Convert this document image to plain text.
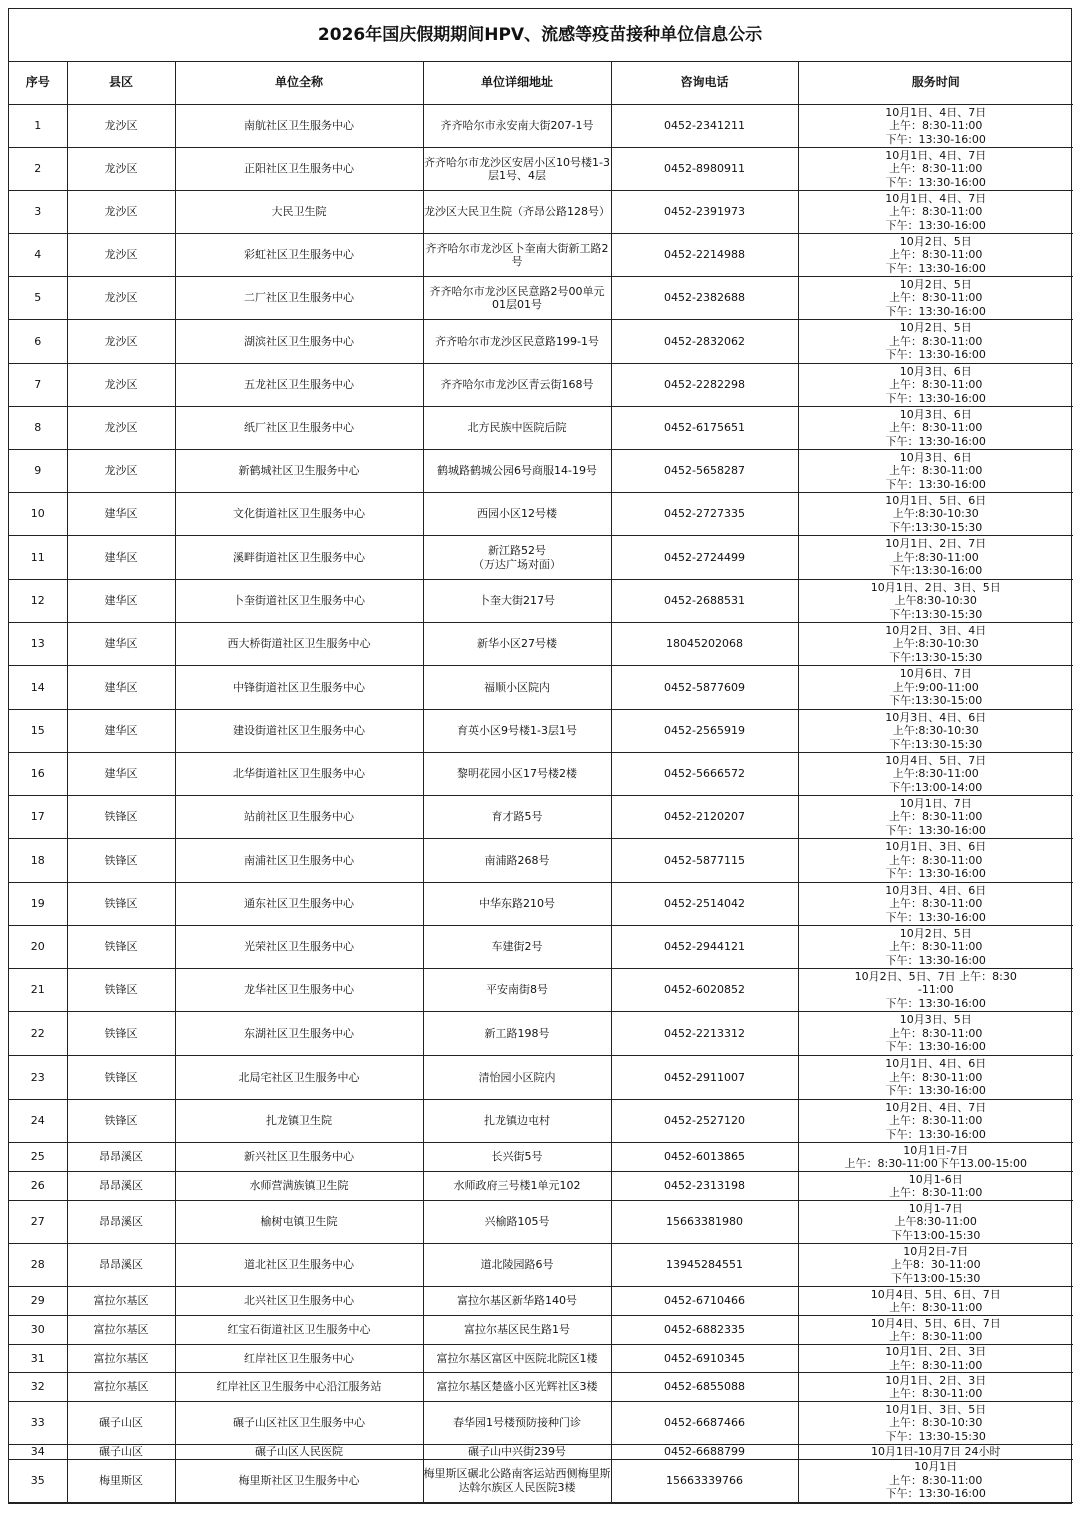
2026年国庆假期期间HPV、流感等疫苗接种单位信息公示
序号	县区	单位全称	单位详细地址	咨询电话	服务时间
1	龙沙区	南航社区卫生服务中心	齐齐哈尔市永安南大街207-1号	0452-2341211	10月1日、4日、7日
上午：8:30-11:00
下午：13:30-16:00
2	龙沙区	正阳社区卫生服务中心	齐齐哈尔市龙沙区安居小区10号楼1-3层1号、4层	0452-8980911	10月1日、4日、7日
上午：8:30-11:00
下午：13:30-16:00
3	龙沙区	大民卫生院	龙沙区大民卫生院（齐昂公路128号）	0452-2391973	10月1日、4日、7日
上午：8:30-11:00
下午：13:30-16:00
4	龙沙区	彩虹社区卫生服务中心	齐齐哈尔市龙沙区卜奎南大街新工路2号	0452-2214988	10月2日、5日
上午：8:30-11:00
下午：13:30-16:00
5	龙沙区	二厂社区卫生服务中心	齐齐哈尔市龙沙区民意路2号00单元01层01号	0452-2382688	10月2日、5日
上午：8:30-11:00
下午：13:30-16:00
6	龙沙区	湖滨社区卫生服务中心	齐齐哈尔市龙沙区民意路199-1号	0452-2832062	10月2日、5日
上午：8:30-11:00
下午：13:30-16:00
7	龙沙区	五龙社区卫生服务中心	齐齐哈尔市龙沙区青云街168号	0452-2282298	10月3日、6日
上午：8:30-11:00
下午：13:30-16:00
8	龙沙区	纸厂社区卫生服务中心	北方民族中医院后院	0452-6175651	10月3日、6日
上午：8:30-11:00
下午：13:30-16:00
9	龙沙区	新鹤城社区卫生服务中心	鹤城路鹤城公园6号商服14-19号	0452-5658287	10月3日、6日
上午：8:30-11:00
下午：13:30-16:00
10	建华区	文化街道社区卫生服务中心	西园小区12号楼	0452-2727335	10月1日、5日、6日
上午:8:30-10:30
下午:13:30-15:30
11	建华区	溪畔街道社区卫生服务中心	新江路52号
（万达广场对面）	0452-2724499	10月1日、2日、7日
上午:8:30-11:00
下午:13:30-16:00
12	建华区	卜奎街道社区卫生服务中心	卜奎大街217号	0452-2688531	10月1日、2日、3日、5日
上午8:30-10:30
下午:13:30-15:30
13	建华区	西大桥街道社区卫生服务中心	新华小区27号楼	18045202068	10月2日、3日、4日
上午:8:30-10:30
下午:13:30-15:30
14	建华区	中锋街道社区卫生服务中心	福顺小区院内	0452-5877609	10月6日、7日
上午:9:00-11:00
下午:13:30-15:00
15	建华区	建设街道社区卫生服务中心	育英小区9号楼1-3层1号	0452-2565919	10月3日、4日、6日
上午:8:30-10:30
下午:13:30-15:30
16	建华区	北华街道社区卫生服务中心	黎明花园小区17号楼2楼	0452-5666572	10月4日、5日、7日
上午:8:30-11:00
下午:13:00-14:00
17	铁锋区	站前社区卫生服务中心	育才路5号	0452-2120207	10月1日、7日
上午：8:30-11:00
下午：13:30-16:00
18	铁锋区	南浦社区卫生服务中心	南浦路268号	0452-5877115	10月1日、3日、6日
上午：8:30-11:00
下午：13:30-16:00
19	铁锋区	通东社区卫生服务中心	中华东路210号	0452-2514042	10月3日、4日、6日
上午：8:30-11:00
下午：13:30-16:00
20	铁锋区	光荣社区卫生服务中心	车建街2号	0452-2944121	10月2日、5日
上午：8:30-11:00
下午：13:30-16:00
21	铁锋区	龙华社区卫生服务中心	平安南街8号	0452-6020852	10月2日、5日、7日 上午：8:30
-11:00
下午：13:30-16:00
22	铁锋区	东湖社区卫生服务中心	新工路198号	0452-2213312	10月3日、5日
上午：8:30-11:00
下午：13:30-16:00
23	铁锋区	北局宅社区卫生服务中心	清怡园小区院内	0452-2911007	10月1日、4日、6日
上午：8:30-11:00
下午：13:30-16:00
24	铁锋区	扎龙镇卫生院	扎龙镇边屯村	0452-2527120	10月2日、4日、7日
上午：8:30-11:00
下午：13:30-16:00
25	昂昂溪区	新兴社区卫生服务中心	长兴街5号	0452-6013865	10月1日-7日
上午：8:30-11:00下午13.00-15:00
26	昂昂溪区	水师营满族镇卫生院	水师政府三号楼1单元102	0452-2313198	10月1-6日
上午：8:30-11:00
27	昂昂溪区	榆树屯镇卫生院	兴榆路105号	15663381980	10月1-7日
上午8:30-11:00
下午13:00-15:30
28	昂昂溪区	道北社区卫生服务中心	道北陵园路6号	13945284551	10月2日-7日
上午8：30-11:00
下午13:00-15:30
29	富拉尔基区	北兴社区卫生服务中心	富拉尔基区新华路140号	0452-6710466	10月4日、5日、6日、7日
上午：8:30-11:00
30	富拉尔基区	红宝石街道社区卫生服务中心	富拉尔基区民生路1号	0452-6882335	10月4日、5日、6日、7日
上午：8:30-11:00
31	富拉尔基区	红岸社区卫生服务中心	富拉尔基区富区中医院北院区1楼	0452-6910345	10月1日、2日、3日
上午：8:30-11:00
32	富拉尔基区	红岸社区卫生服务中心沿江服务站	富拉尔基区楚盛小区光辉社区3楼	0452-6855088	10月1日、2日、3日
上午：8:30-11:00
33	碾子山区	碾子山区社区卫生服务中心	春华园1号楼预防接种门诊	0452-6687466	10月1日、3日、5日
上午：8:30-10:30
下午：13:30-15:30
34	碾子山区	碾子山区人民医院	碾子山中兴街239号	0452-6688799	10月1日-10月7日 24小时
35	梅里斯区	梅里斯社区卫生服务中心	梅里斯区碾北公路南客运站西侧梅里斯达斡尔族区人民医院3楼	15663339766	10月1日
上午：8:30-11:00
下午：13:30-16:00
